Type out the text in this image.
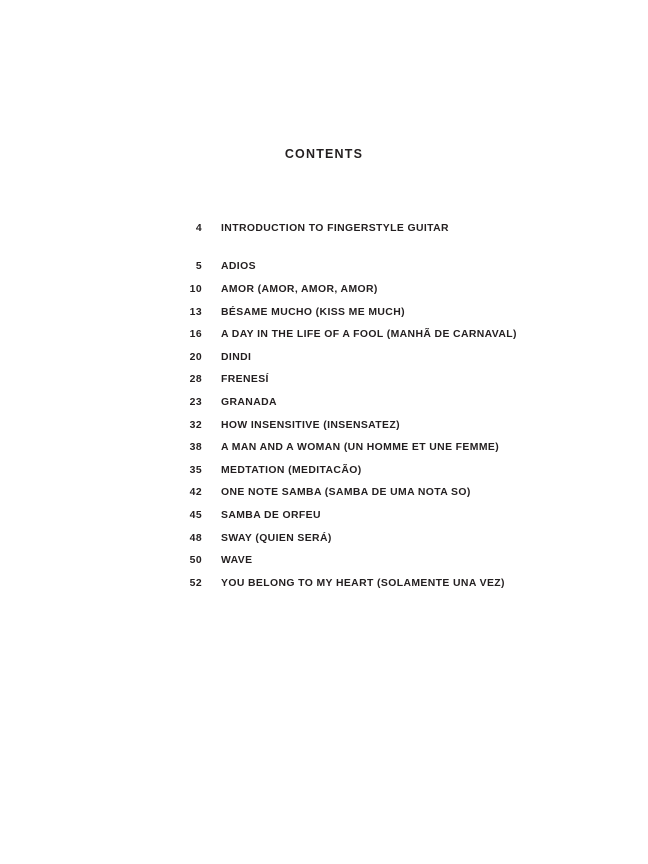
CONTENTS
4 INTRODUCTION TO FINGERSTYLE GUITAR
5 ADIOS
10 AMOR (AMOR, AMOR, AMOR)
13 BÉSAME MUCHO (KISS ME MUCH)
16 A DAY IN THE LIFE OF A FOOL (MANHÃ DE CARNAVAL)
20 DINDI
28 FRENESÍ
23 GRANADA
32 HOW INSENSITIVE (INSENSATEZ)
38 A MAN AND A WOMAN (UN HOMME ET UNE FEMME)
35 MEDTATION (MEDITACÃO)
42 ONE NOTE SAMBA (SAMBA DE UMA NOTA SO)
45 SAMBA DE ORFEU
48 SWAY (QUIEN SERÁ)
50 WAVE
52 YOU BELONG TO MY HEART (SOLAMENTE UNA VEZ)
